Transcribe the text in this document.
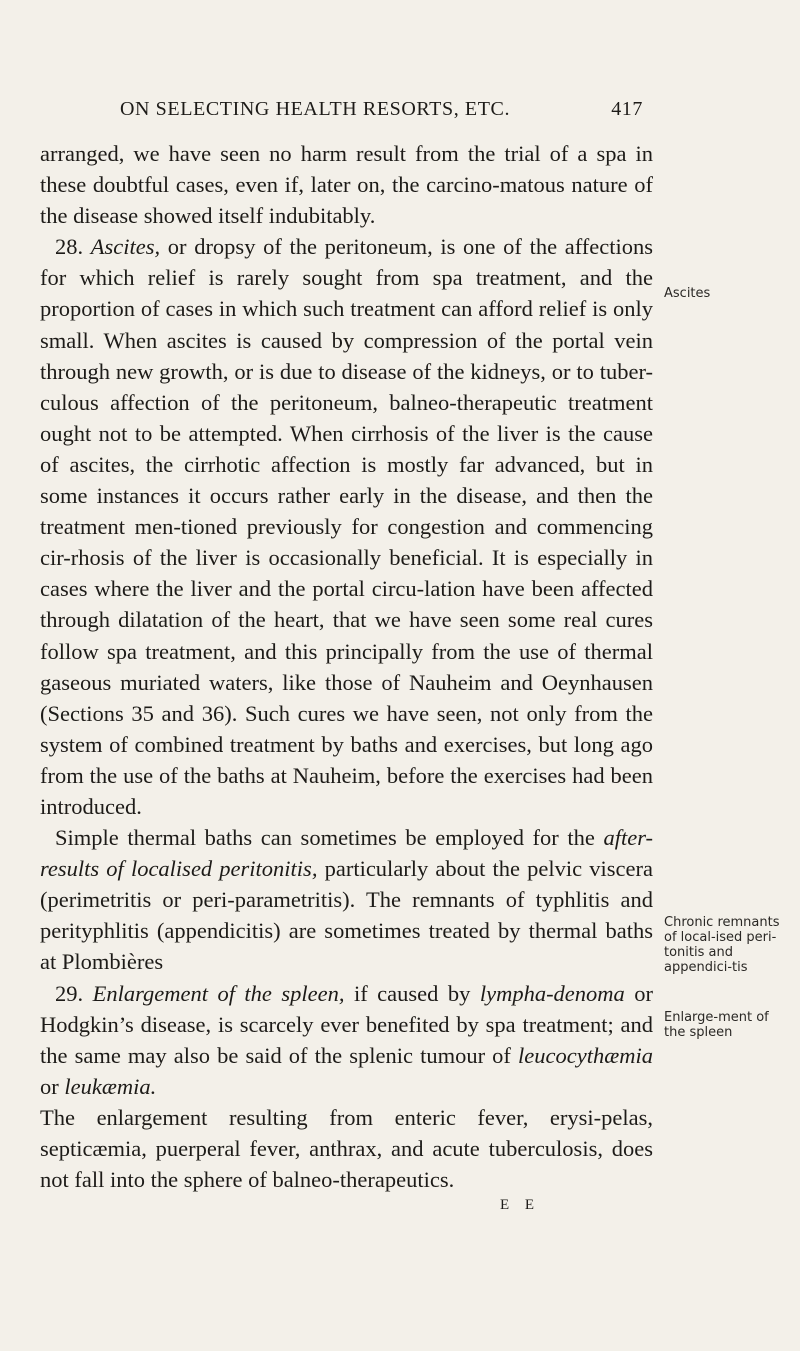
ON SELECTING HEALTH RESORTS, ETC.	417

arranged, we have seen no harm result from the trial of a spa in these doubtful cases, even if, later on, the carcino-matous nature of the disease showed itself indubitably.

28. Ascites, or dropsy of the peritoneum, is one of the affections for which relief is rarely sought from spa treatment, and the proportion of cases in which such treatment can afford relief is only small. When ascites is caused by compression of the portal vein through new growth, or is due to disease of the kidneys, or to tuber-culous affection of the peritoneum, balneo-therapeutic treatment ought not to be attempted. When cirrhosis of the liver is the cause of ascites, the cirrhotic affection is mostly far advanced, but in some instances it occurs rather early in the disease, and then the treatment men-tioned previously for congestion and commencing cir-rhosis of the liver is occasionally beneficial. It is especially in cases where the liver and the portal circu-lation have been affected through dilatation of the heart, that we have seen some real cures follow spa treatment, and this principally from the use of thermal gaseous muriated waters, like those of Nauheim and Oeynhausen (Sections 35 and 36). Such cures we have seen, not only from the system of combined treatment by baths and exercises, but long ago from the use of the baths at Nauheim, before the exercises had been introduced.

Simple thermal baths can sometimes be employed for the after-results of localised peritonitis, particularly about the pelvic viscera (perimetritis or peri-parametritis). The remnants of typhlitis and perityphlitis (appendicitis) are sometimes treated by thermal baths at Plombières

29. Enlargement of the spleen, if caused by lympha-denoma or Hodgkin’s disease, is scarcely ever benefited by spa treatment; and the same may also be said of the splenic tumour of leucocythæmia or leukæmia.

The enlargement resulting from enteric fever, erysi-pelas, septicæmia, puerperal fever, anthrax, and acute tuberculosis, does not fall into the sphere of balneo-therapeutics.

Ascites
Chronic remnants of local-ised peri-tonitis and appendici-tis
Enlarge-ment of the spleen
E E
